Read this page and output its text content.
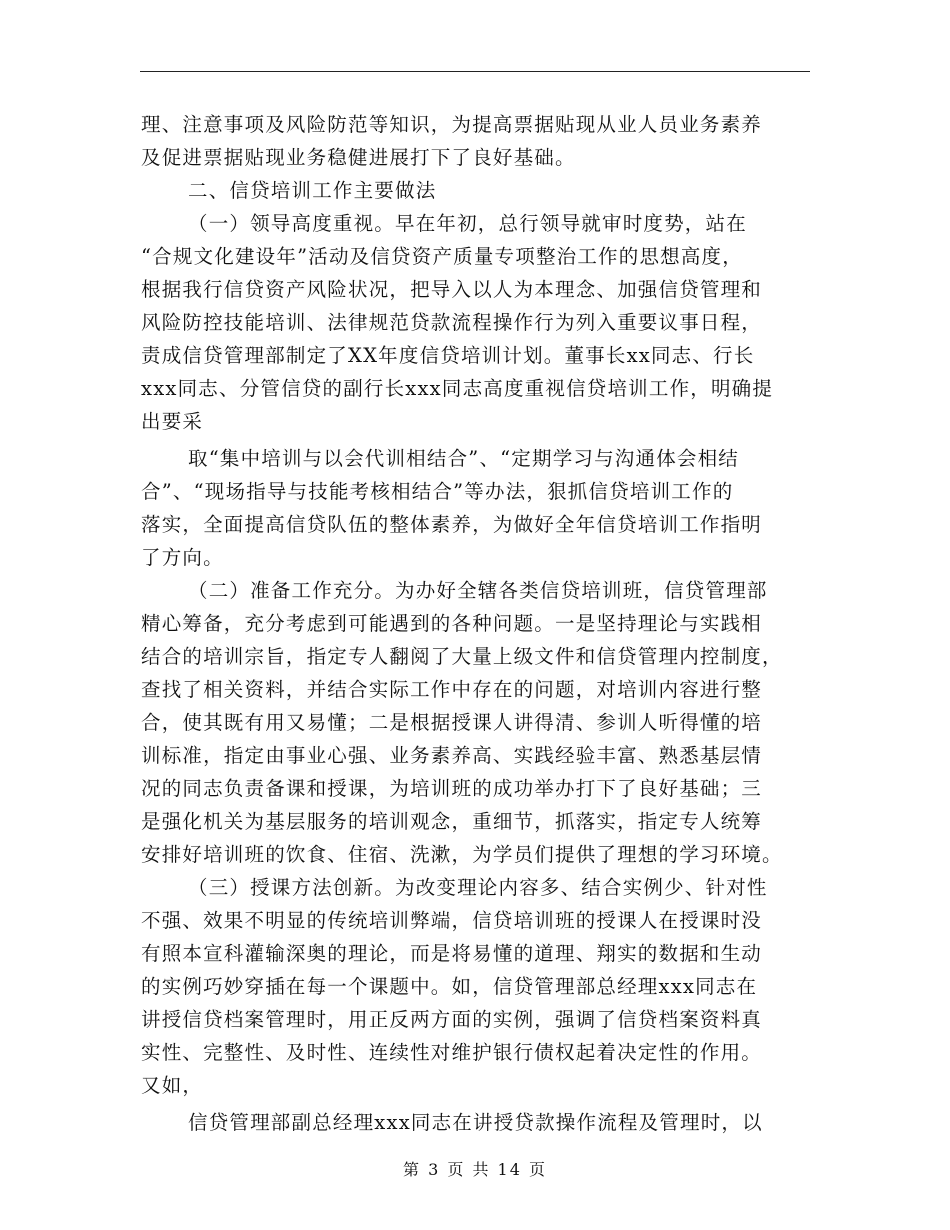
理、注意事项及风险防范等知识，为提高票据贴现从业人员业务素养
及促进票据贴现业务稳健进展打下了良好基础。
二、信贷培训工作主要做法
（一）领导高度重视。早在年初，总行领导就审时度势，站在
“合规文化建设年”活动及信贷资产质量专项整治工作的思想高度，
根据我行信贷资产风险状况，把导入以人为本理念、加强信贷管理和
风险防控技能培训、法律规范贷款流程操作行为列入重要议事日程，
责成信贷管理部制定了XX年度信贷培训计划。董事长xx同志、行长
xxx同志、分管信贷的副行长xxx同志高度重视信贷培训工作，明确提
出要采
取“集中培训与以会代训相结合”、“定期学习与沟通体会相结
合”、“现场指导与技能考核相结合”等办法，狠抓信贷培训工作的
落实，全面提高信贷队伍的整体素养，为做好全年信贷培训工作指明
了方向。
（二）准备工作充分。为办好全辖各类信贷培训班，信贷管理部
精心筹备，充分考虑到可能遇到的各种问题。一是坚持理论与实践相
结合的培训宗旨，指定专人翻阅了大量上级文件和信贷管理内控制度，
查找了相关资料，并结合实际工作中存在的问题，对培训内容进行整
合，使其既有用又易懂；二是根据授课人讲得清、参训人听得懂的培
训标准，指定由事业心强、业务素养高、实践经验丰富、熟悉基层情
况的同志负责备课和授课，为培训班的成功举办打下了良好基础；三
是强化机关为基层服务的培训观念，重细节，抓落实，指定专人统筹
安排好培训班的饮食、住宿、洗漱，为学员们提供了理想的学习环境。
（三）授课方法创新。为改变理论内容多、结合实例少、针对性
不强、效果不明显的传统培训弊端，信贷培训班的授课人在授课时没
有照本宣科灌输深奥的理论，而是将易懂的道理、翔实的数据和生动
的实例巧妙穿插在每一个课题中。如，信贷管理部总经理xxx同志在
讲授信贷档案管理时，用正反两方面的实例，强调了信贷档案资料真
实性、完整性、及时性、连续性对维护银行债权起着决定性的作用。
又如，
信贷管理部副总经理xxx同志在讲授贷款操作流程及管理时，以
第 3 页 共 14 页
